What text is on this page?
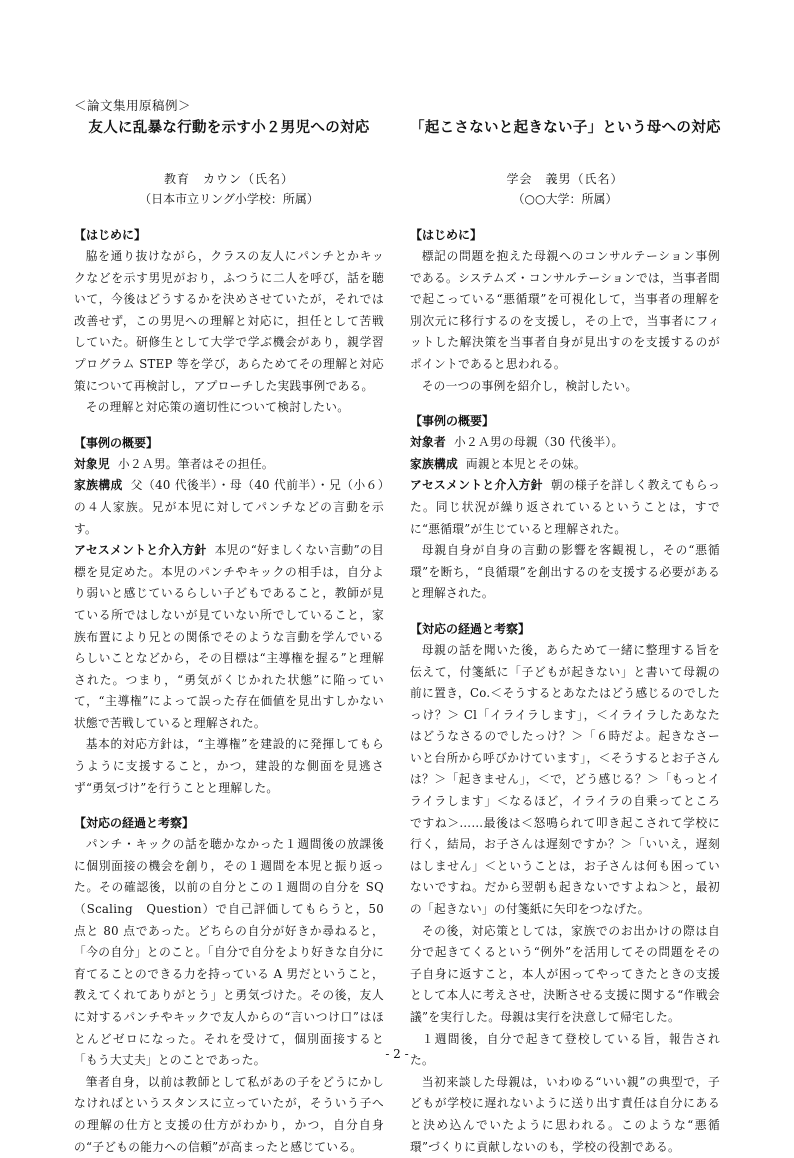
＜論文集用原稿例＞
友人に乱暴な行動を示す小２男児への対応
教育　カウン（氏名）
（日本市立リング小学校：所属）
【はじめに】

脇を通り抜けながら，クラスの友人にパンチとかキックなどを示す男児がおり，ふつうに二人を呼び，話を聴いて，今後はどうするかを決めさせていたが，それでは改善せず，この男児への理解と対応に，担任として苦戦していた。研修生として大学で学ぶ機会があり，親学習プログラム STEP 等を学び，あらためてその理解と対応策について再検討し，アプローチした実践事例である。

その理解と対応策の適切性について検討したい。

【事例の概要】

対象児 小２Ａ男。筆者はその担任。

家族構成 父（40 代後半）・母（40 代前半）・兄（小６）の４人家族。兄が本児に対してパンチなどの言動を示す。

アセスメントと介入方針 本児の“好ましくない言動”の目標を見定めた。本児のパンチやキックの相手は，自分より弱いと感じているらしい子どもであること，教師が見ている所ではしないが見ていない所でしていること，家族布置により兄との関係でそのような言動を学んでいるらしいことなどから，その目標は“主導権を握る”と理解された。つまり，“勇気がくじかれた状態”に陥っていて，“主導権”によって誤った存在価値を見出すしかない状態で苦戦していると理解された。

基本的対応方針は，“主導権”を建設的に発揮してもらうように支援すること，かつ，建設的な側面を見逃さず“勇気づけ”を行うことと理解した。

【対応の経過と考察】

パンチ・キックの話を聴かなかった１週間後の放課後に個別面接の機会を創り，その１週間を本児と振り返った。その確認後，以前の自分とこの１週間の自分を SQ（Scaling　Question）で自己評価してもらうと，50 点と 80 点であった。どちらの自分が好きか尋ねると，「今の自分」とのこと。「自分で自分をより好きな自分に育てることのできる力を持っている A 男だということ，教えてくれてありがとう」と勇気づけた。その後，友人に対するパンチやキックで友人からの“言いつけ口”はほとんどゼロになった。それを受けて，個別面接すると「もう大丈夫」とのことであった。

筆者自身，以前は教師として私があの子をどうにかしなければというスタンスに立っていたが，そういう子への理解の仕方と支援の仕方がわかり，かつ，自分自身の“子どもの能力への信頼”が高まったと感じている。

「起こさないと起きない子」という母への対応
学会　義男（氏名）
（○○大学：所属）
【はじめに】

標記の問題を抱えた母親へのコンサルテーション事例である。システムズ・コンサルテーションでは，当事者間で起こっている“悪循環”を可視化して，当事者の理解を別次元に移行するのを支援し，その上で，当事者にフィットした解決策を当事者自身が見出すのを支援するのがポイントであると思われる。

その一つの事例を紹介し，検討したい。

【事例の概要】

対象者 小２Ａ男の母親（30 代後半）。

家族構成 両親と本児とその妹。

アセスメントと介入方針 朝の様子を詳しく教えてもらった。同じ状況が繰り返されているということは，すでに“悪循環”が生じていると理解された。

母親自身が自身の言動の影響を客観視し，その“悪循環”を断ち，“良循環”を創出するのを支援する必要があると理解された。

【対応の経過と考察】

母親の話を聞いた後，あらためて一緒に整理する旨を伝えて，付箋紙に「子どもが起きない」と書いて母親の前に置き，Co.＜そうするとあなたはどう感じるのでしたっけ？＞ Cl「イライラします」，＜イライラしたあなたはどうなさるのでしたっけ？＞「６時だよ。起きなさーいと台所から呼びかけています」，＜そうするとお子さんは？＞「起きません」，＜で，どう感じる？＞「もっとイライラします」＜なるほど，イライラの自乗ってところですね＞……最後は＜怒鳴られて叩き起こされて学校に行く，結局，お子さんは遅刻ですか？＞「いいえ，遅刻はしません」＜ということは，お子さんは何も困っていないですね。だから翌朝も起きないですよね＞と，最初の「起きない」の付箋紙に矢印をつなげた。

その後，対応策としては，家族でのお出かけの際は自分で起きてくるという“例外”を活用してその問題をその子自身に返すこと，本人が困ってやってきたときの支援として本人に考えさせ，決断させる支援に関する“作戦会議”を実行した。母親は実行を決意して帰宅した。

１週間後，自分で起きて登校している旨，報告された。

当初来談した母親は，いわゆる“いい親”の典型で，子どもが学校に遅れないように送り出す責任は自分にあると決め込んでいたように思われる。このような“悪循環”づくりに貢献しないのも，学校の役割である。

- 2 -
